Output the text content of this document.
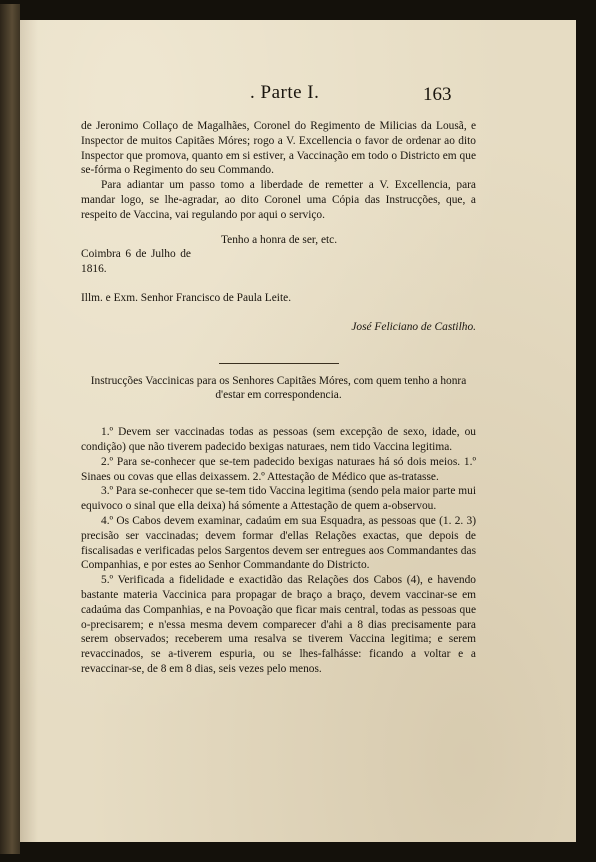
. Parte I.	163

de Jeronimo Collaço de Magalhães, Coronel do Regimento de Milicias da Lousã, e Inspector de muitos Capitães Móres; rogo a V. Excellencia o favor de ordenar ao dito Inspector que promova, quanto em si estiver, a Vaccinação em todo o Districto em que se-fórma o Regimento do seu Commando.

Para adiantar um passo tomo a liberdade de remetter a V. Excellencia, para mandar logo, se lhe-agradar, ao dito Coronel uma Cópia das Instrucções, que, a respeito de Vaccina, vai regulando por aqui o serviço.

Tenho a honra de ser, etc.

Coimbra 6 de Julho de 1816.

Illm. e Exm. Senhor Francisco de Paula Leite.

José Feliciano de Castilho.

Instrucções Vaccinicas para os Senhores Capitães Móres, com quem tenho a honra d'estar em correspondencia.

1.º Devem ser vaccinadas todas as pessoas (sem excepção de sexo, idade, ou condição) que não tiverem padecido bexigas naturaes, nem tido Vaccina legitima.

2.º Para se-conhecer que se-tem padecido bexigas naturaes há só dois meios. 1.º Sinaes ou covas que ellas deixassem. 2.º Attestação de Médico que as-tratasse.

3.º Para se-conhecer que se-tem tido Vaccina legitima (sendo pela maior parte mui equivoco o sinal que ella deixa) há sómente a Attestação de quem a-observou.

4.º Os Cabos devem examinar, cadaúm em sua Esquadra, as pessoas que (1. 2. 3) precisão ser vaccinadas; devem formar d'ellas Relações exactas, que depois de fiscalisadas e verificadas pelos Sargentos devem ser entregues aos Commandantes das Companhias, e por estes ao Senhor Commandante do Districto.

5.º Verificada a fidelidade e exactidão das Relações dos Cabos (4), e havendo bastante materia Vaccinica para propagar de braço a braço, devem vaccinar-se em cadaúma das Companhias, e na Povoação que ficar mais central, todas as pessoas que o-precisarem; e n'essa mesma devem comparecer d'ahi a 8 dias precisamente para serem observados; receberem uma resalva se tiverem Vaccina legitima; e serem revaccinados, se a-tiverem espuria, ou se lhes-falhásse: ficando a voltar e a revaccinar-se, de 8 em 8 dias, seis vezes pelo menos.
